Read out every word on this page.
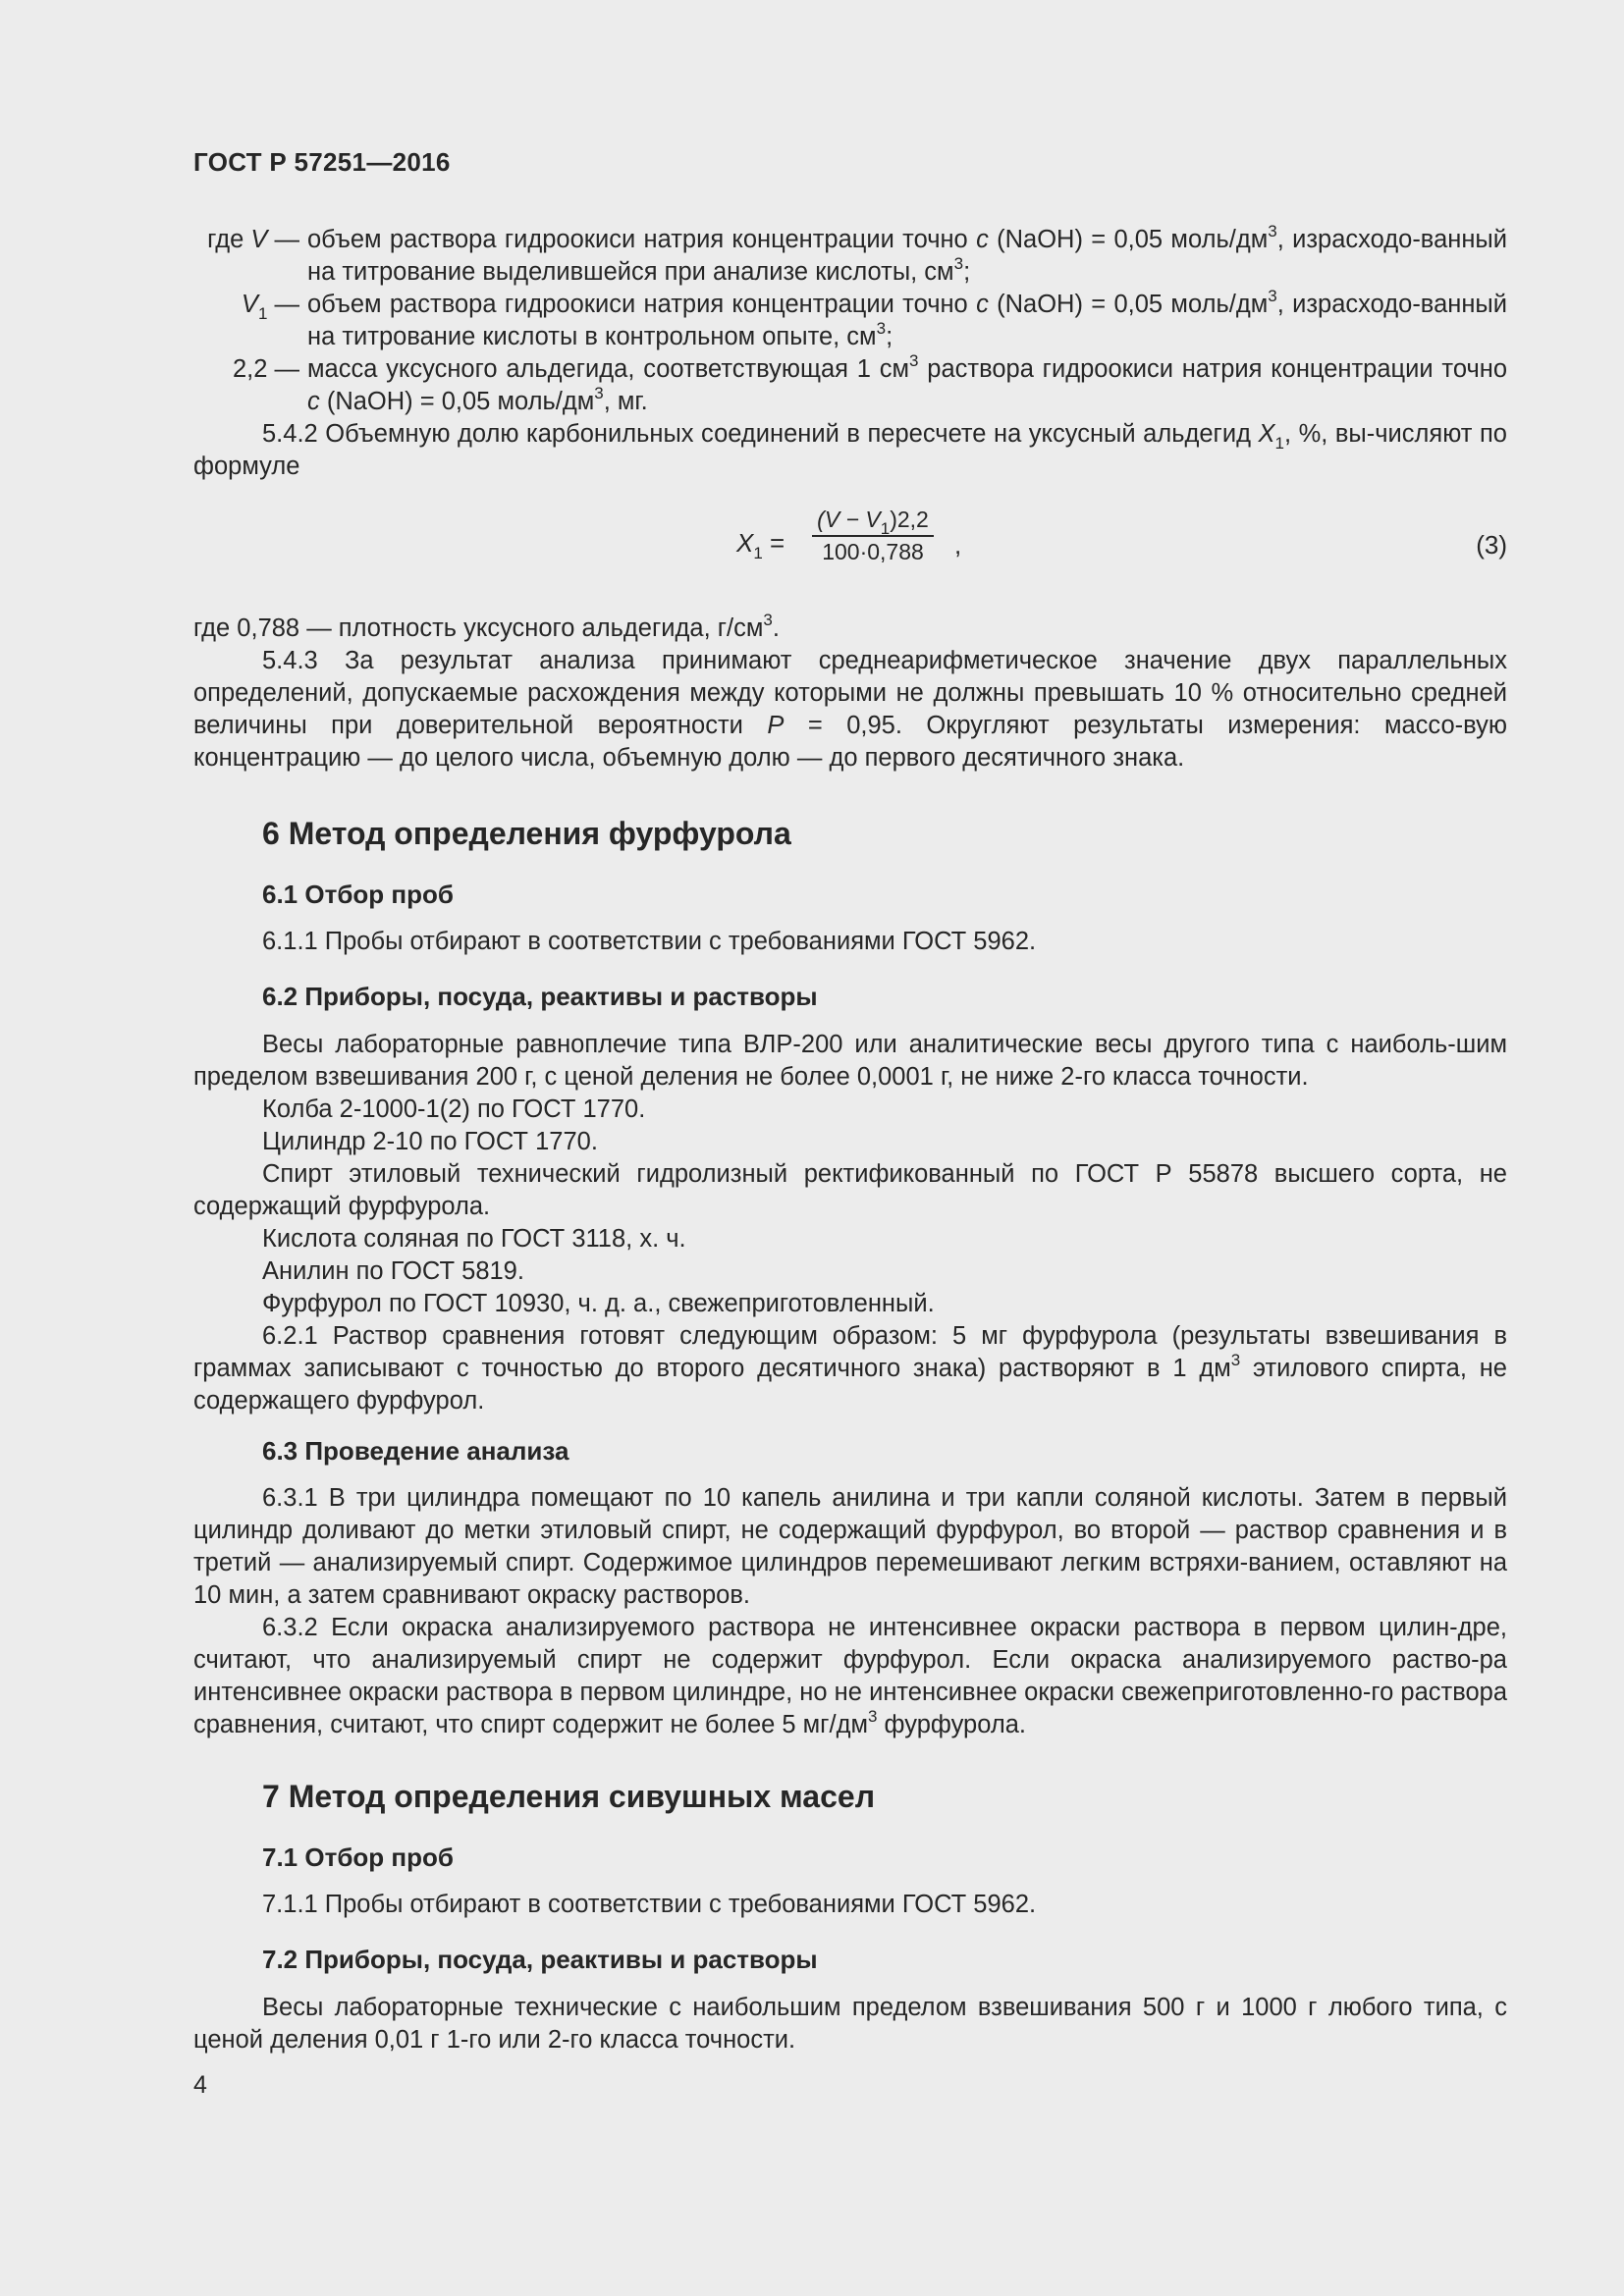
ГОСТ Р 57251—2016
где V — объем раствора гидроокиси натрия концентрации точно с (NaOH) = 0,05 моль/$дм^3$, израсходо-ванный на титрование выделившейся при анализе кислоты, $см^3$;
$V_1$ — объем раствора гидроокиси натрия концентрации точно с (NaOH) = 0,05 моль/$дм^3$, израсходо-ванный на титрование кислоты в контрольном опыте, $см^3$;
2,2 — масса уксусного альдегида, соответствующая 1 $см^3$ раствора гидроокиси натрия концентрации точно с (NaOH) = 0,05 моль/$дм^3$, мг.

5.4.2 Объемную долю карбонильных соединений в пересчете на уксусный альдегид $X_1$, %, вы-числяют по формуле

$X_1 = \frac{(V - V_1)2,2}{100\cdot 0,788}$ ,	(3)

где 0,788 — плотность уксусного альдегида, $г/см^3$.

5.4.3 За результат анализа принимают среднеарифметическое значение двух параллельных определений, допускаемые расхождения между которыми не должны превышать 10 % относительно средней величины при доверительной вероятности P = 0,95. Округляют результаты измерения: массо-вую концентрацию — до целого числа, объемную долю — до первого десятичного знака.

6 Метод определения фурфурола
6.1 Отбор проб
6.1.1 Пробы отбирают в соответствии с требованиями ГОСТ 5962.
6.2 Приборы, посуда, реактивы и растворы

Весы лабораторные равноплечие типа ВЛР-200 или аналитические весы другого типа с наиболь-шим пределом взвешивания 200 г, с ценой деления не более 0,0001 г, не ниже 2-го класса точности.

Колба 2-1000-1(2) по ГОСТ 1770.

Цилиндр 2-10 по ГОСТ 1770.

Спирт этиловый технический гидролизный ректификованный по ГОСТ Р 55878 высшего сорта, не содержащий фурфурола.

Кислота соляная по ГОСТ 3118, х. ч.

Анилин по ГОСТ 5819.

Фурфурол по ГОСТ 10930, ч. д. а., свежеприготовленный.

6.2.1 Раствор сравнения готовят следующим образом: 5 мг фурфурола (результаты взвешивания в граммах записывают с точностью до второго десятичного знака) растворяют в 1 $дм^3$ этилового спирта, не содержащего фурфурол.

6.3 Проведение анализа

6.3.1 В три цилиндра помещают по 10 капель анилина и три капли соляной кислоты. Затем в первый цилиндр доливают до метки этиловый спирт, не содержащий фурфурол, во второй — раствор сравнения и в третий — анализируемый спирт. Содержимое цилиндров перемешивают легким встряхи-ванием, оставляют на 10 мин, а затем сравнивают окраску растворов.

6.3.2 Если окраска анализируемого раствора не интенсивнее окраски раствора в первом цилин-дре, считают, что анализируемый спирт не содержит фурфурол. Если окраска анализируемого раство-ра интенсивнее окраски раствора в первом цилиндре, но не интенсивнее окраски свежеприготовленно-го раствора сравнения, считают, что спирт содержит не более 5 $мг/дм^3$ фурфурола.

7 Метод определения сивушных масел
7.1 Отбор проб
7.1.1 Пробы отбирают в соответствии с требованиями ГОСТ 5962.
7.2 Приборы, посуда, реактивы и растворы

Весы лабораторные технические с наибольшим пределом взвешивания 500 г и 1000 г любого типа, с ценой деления 0,01 г 1-го или 2-го класса точности.

4
